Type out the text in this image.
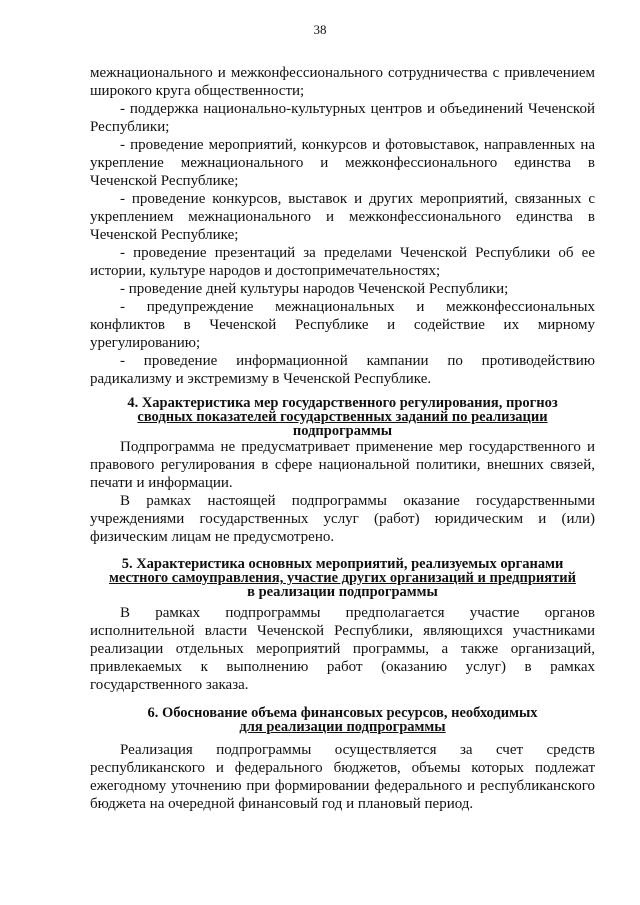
38

межнационального и межконфессионального сотрудничества с привлечением широкого круга общественности;

- поддержка национально-культурных центров и объединений Чеченской Республики;

- проведение мероприятий, конкурсов и фотовыставок, направленных на укрепление межнационального и межконфессионального единства в Чеченской Республике;

- проведение конкурсов, выставок и других мероприятий, связанных с укреплением межнационального и межконфессионального единства в Чеченской Республике;

- проведение презентаций за пределами Чеченской Республики об ее истории, культуре народов и достопримечательностях;

- проведение дней культуры народов Чеченской Республики;

- предупреждение межнациональных и межконфессиональных конфликтов в Чеченской Республике и содействие их мирному урегулированию;

- проведение информационной кампании по противодействию радикализму и экстремизму в Чеченской Республике.

4. Характеристика мер государственного регулирования, прогноз
сводных показателей государственных заданий по реализации
подпрограммы

Подпрограмма не предусматривает применение мер государственного и правового регулирования в сфере национальной политики, внешних связей, печати и информации.

В рамках настоящей подпрограммы оказание государственными учреждениями государственных услуг (работ) юридическим и (или) физическим лицам не предусмотрено.

5. Характеристика основных мероприятий, реализуемых органами
местного самоуправления, участие других организаций и предприятий
в реализации подпрограммы

В рамках подпрограммы предполагается участие органов исполнительной власти Чеченской Республики, являющихся участниками реализации отдельных мероприятий программы, а также организаций, привлекаемых к выполнению работ (оказанию услуг) в рамках государственного заказа.

6. Обоснование объема финансовых ресурсов, необходимых
для реализации подпрограммы

Реализация подпрограммы осуществляется за счет средств республиканского и федерального бюджетов, объемы которых подлежат ежегодному уточнению при формировании федерального и республиканского бюджета на очередной финансовый год и плановый период.
